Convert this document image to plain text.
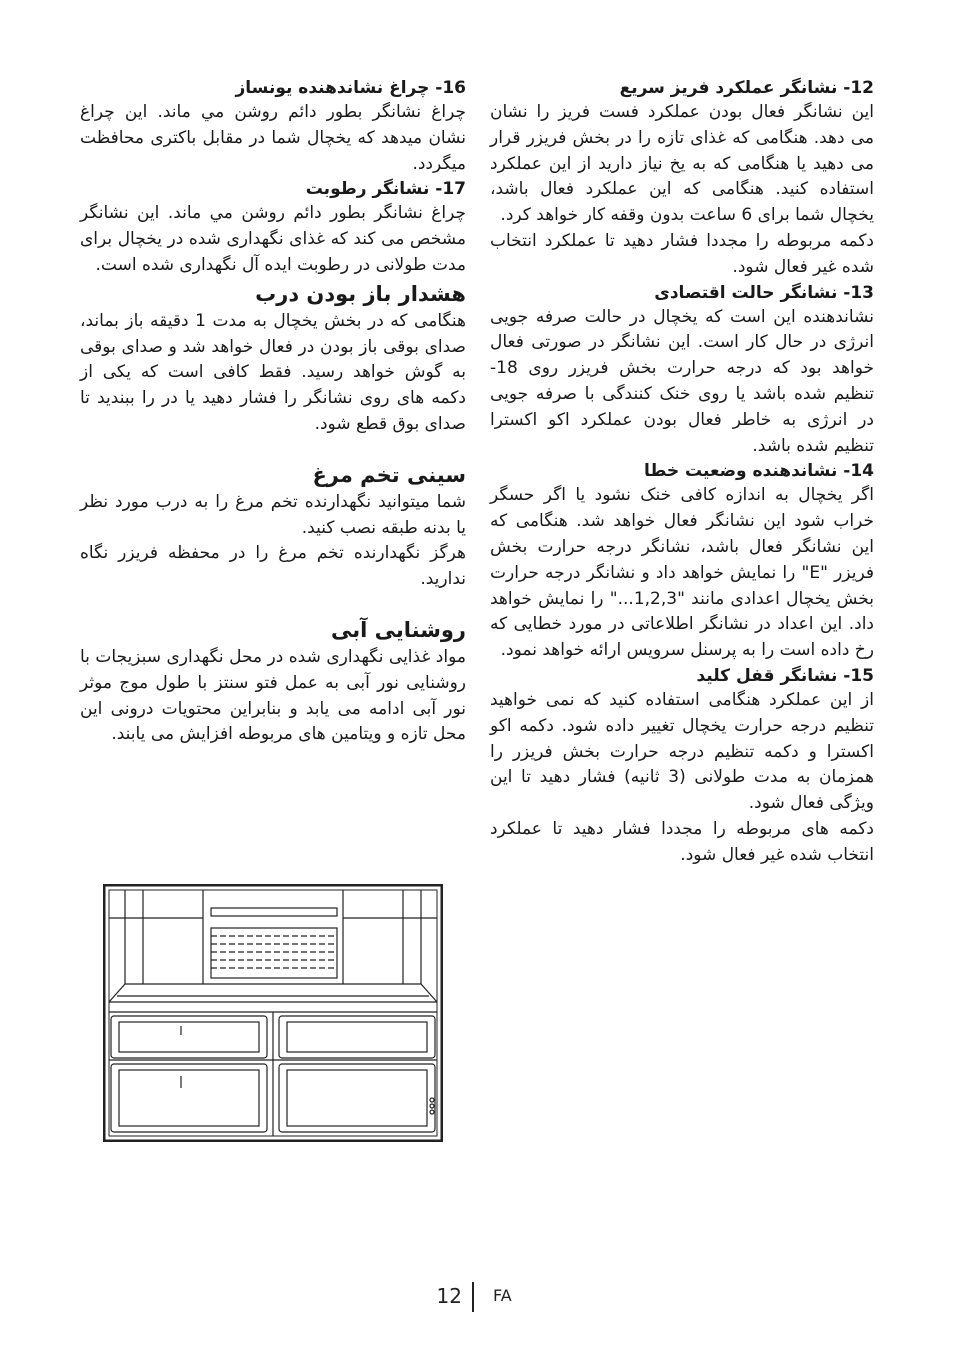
12- نشانگر عملکرد فريز سريع

اين نشانگر فعال بودن عملکرد فست فريز را نشان می دهد. هنگامی که غذای تازه را در بخش فريزر قرار می دهيد يا هنگامی که به يخ نياز داريد از اين عملکرد استفاده کنيد. هنگامی که اين عملکرد فعال باشد، يخچال شما برای 6 ساعت بدون وقفه کار خواهد کرد.

دکمه مربوطه را مجددا فشار دهيد تا عملکرد انتخاب شده غير فعال شود.

13- نشانگر حالت اقتصادی

نشاندهنده اين است که يخچال در حالت صرفه جويی انرژی در حال کار است. اين نشانگر در صورتی فعال خواهد بود که درجه حرارت بخش فريزر روی 18- تنظيم شده باشد يا روی خنک کنندگی با صرفه جويی در انرژی به خاطر فعال بودن عملکرد اکو اکسترا تنظيم شده باشد.

14- نشاندهنده وضعيت خطا

اگر يخچال به اندازه کافی خنک نشود يا اگر حسگر خراب شود اين نشانگر فعال خواهد شد. هنگامی که اين نشانگر فعال باشد، نشانگر درجه حرارت بخش فريزر "E" را نمايش خواهد داد و نشانگر درجه حرارت بخش يخچال اعدادی مانند "1,2,3..." را نمايش خواهد داد. اين اعداد در نشانگر اطلاعاتی در مورد خطايی که رخ داده است را به پرسنل سرويس ارائه خواهد نمود.

15- نشانگر قفل کليد

از اين عملکرد هنگامی استفاده کنيد که نمی خواهيد تنظيم درجه حرارت يخچال تغيير داده شود. دکمه اکو اکسترا و دکمه تنظيم درجه حرارت بخش فريزر را همزمان به مدت طولانی (3 ثانيه) فشار دهيد تا اين ويژگی فعال شود.

دکمه های مربوطه را مجددا فشار دهيد تا عملکرد انتخاب شده غير فعال شود.

16- چراغ نشاندهنده يونساز

چراغ نشانگر بطور دائم روشن مي ماند. اين چراغ نشان ميدهد که يخچال شما در مقابل باکتری محافظت ميگردد.

17- نشانگر رطوبت

چراغ نشانگر بطور دائم روشن مي ماند. اين نشانگر مشخص می کند که غذای نگهداری شده در يخچال برای مدت طولانی در رطوبت ايده آل نگهداری شده است.

هشدار باز بودن درب

هنگامی که در بخش يخچال به مدت 1 دقيقه باز بماند، صدای بوقی باز بودن در فعال خواهد شد و صدای بوقی به گوش خواهد رسيد. فقط کافی است که يکی از دکمه های روی نشانگر را فشار دهيد يا در را ببنديد تا صدای بوق قطع شود.

سينی تخم مرغ

شما ميتوانيد نگهدارنده تخم مرغ را به درب مورد نظر يا بدنه طبقه نصب کنيد.

هرگز نگهدارنده تخم مرغ را در محفظه فريزر نگاه نداريد.

روشنايی آبی

مواد غذايی نگهداری شده در محل نگهداری سبزيجات با روشنايی نور آبی به عمل فتو سنتز با طول موج موثر نور آبی ادامه می يابد و بنابراين محتويات درونی اين محل تازه و ويتامين های مربوطه افزايش می يابند.

12 FA
